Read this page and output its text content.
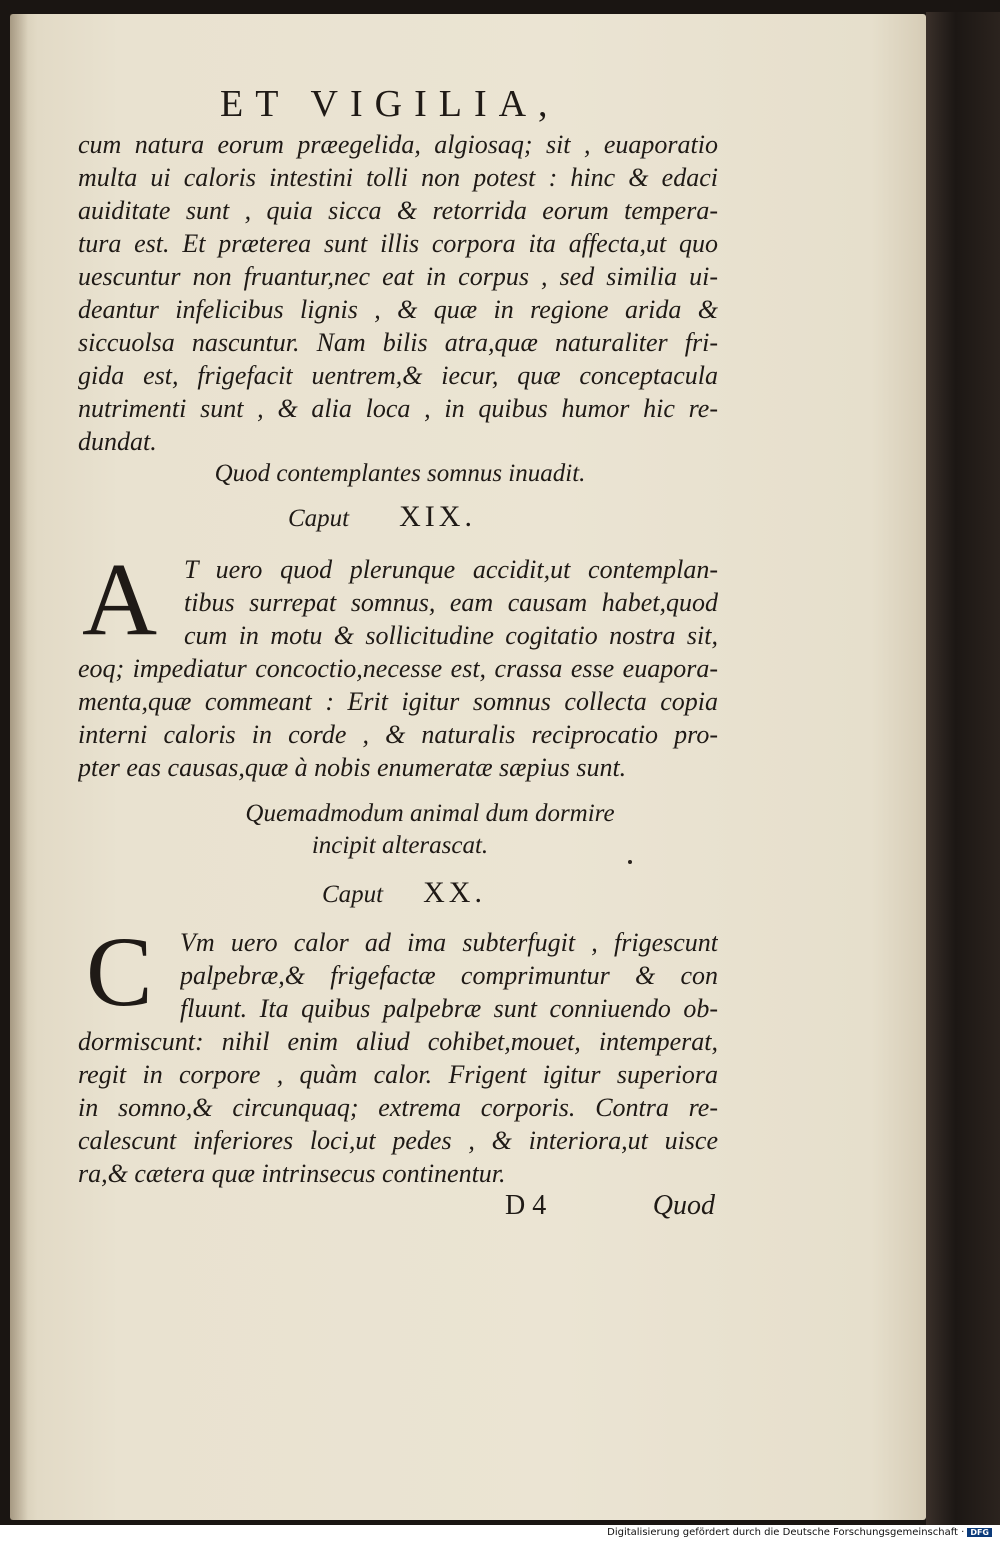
ET VIGILIA,
cum natura eorum præegelida, algiosaq; sit , euaporatio
multa ui caloris intestini tolli non potest : hinc & edaci
auiditate sunt , quia sicca & retorrida eorum tempera-
tura est. Et præterea sunt illis corpora ita affecta,ut quo
uescuntur non fruantur,nec eat in corpus , sed similia ui-
deantur infelicibus lignis , & quæ in regione arida &
siccuolsa nascuntur. Nam bilis atra,quæ naturaliter fri-
gida est, frigefacit uentrem,& iecur, quæ conceptacula
nutrimenti sunt , & alia loca , in quibus humor hic re-
dundat.
Quod contemplantes somnus inuadit.
Caput XIX.
A T uero quod plerunque accidit,ut contemplan-
tibus surrepat somnus, eam causam habet,quod
cum in motu & sollicitudine cogitatio nostra sit,
eoq; impediatur concoctio,necesse est, crassa esse euapora-
menta,quæ commeant : Erit igitur somnus collecta copia
interni caloris in corde , & naturalis reciprocatio pro-
pter eas causas,quæ à nobis enumeratæ sæpius sunt.
Quemadmodum animal dum dormire
incipit alterascat.
Caput XX.
C Vm uero calor ad ima subterfugit , frigescunt
palpebræ,& frigefactæ comprimuntur & con
fluunt. Ita quibus palpebræ sunt conniuendo ob-
dormiscunt: nihil enim aliud cohibet,mouet, intemperat,
regit in corpore , quàm calor. Frigent igitur superiora
in somno,& circunquaq; extrema corporis. Contra re-
calescunt inferiores loci,ut pedes , & interiora,ut uisce
ra,& cætera quæ intrinsecus continentur.
D 4	Quod
Digitalisierung gefördert durch die Deutsche Forschungsgemeinschaft · DFG
